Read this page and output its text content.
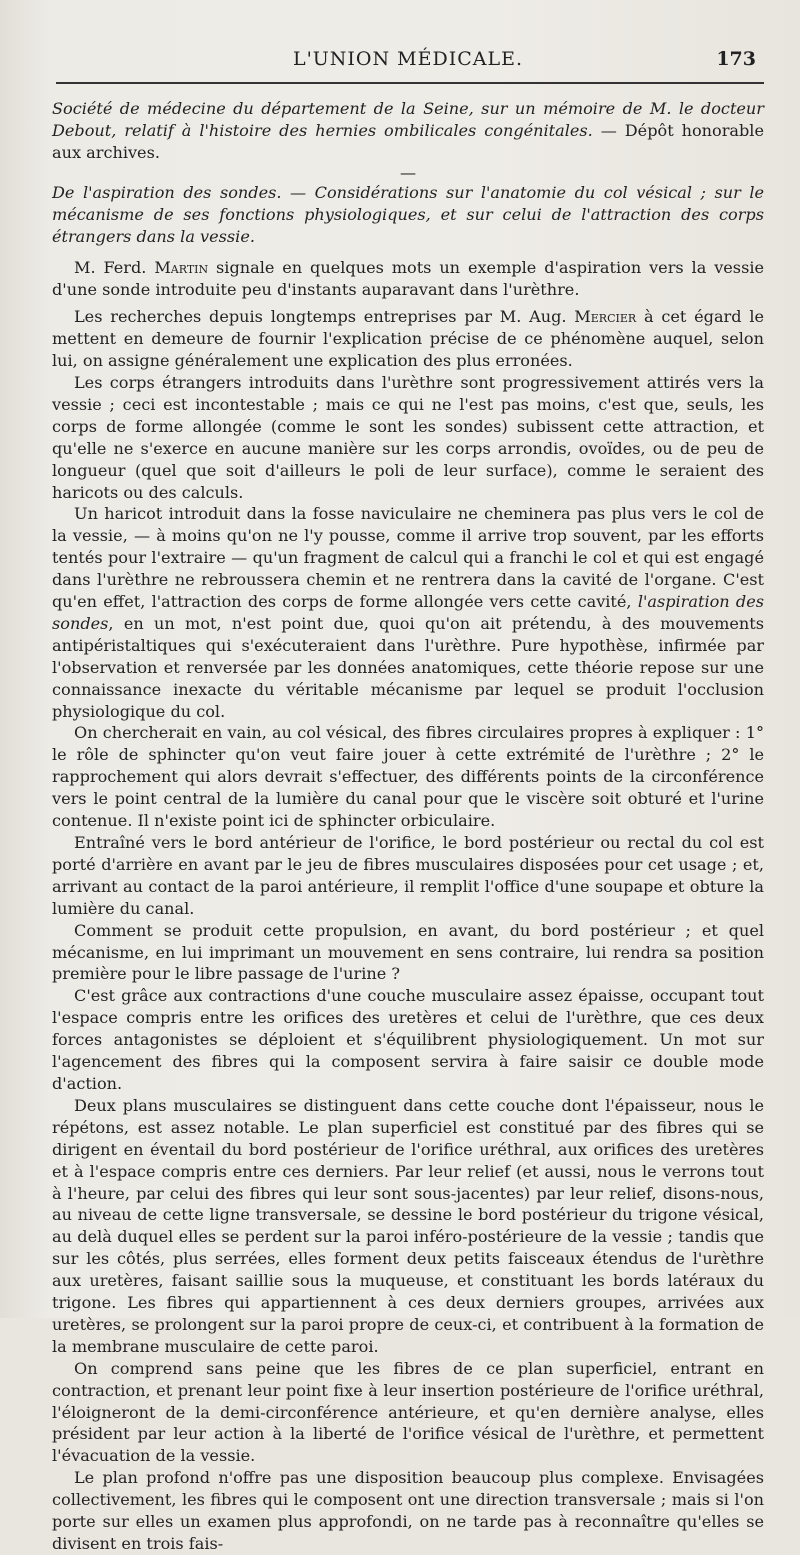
L'UNION MÉDICALE.	173

Société de médecine du département de la Seine, sur un mémoire de M. le docteur Debout, relatif à l'histoire des hernies ombilicales congénitales. — Dépôt honorable aux archives.

—

De l'aspiration des sondes. — Considérations sur l'anatomie du col vésical ; sur le mécanisme de ses fonctions physiologiques, et sur celui de l'attraction des corps étrangers dans la vessie.

M. Ferd. Martin signale en quelques mots un exemple d'aspiration vers la vessie d'une sonde introduite peu d'instants auparavant dans l'urèthre.

Les recherches depuis longtemps entreprises par M. Aug. Mercier à cet égard le mettent en demeure de fournir l'explication précise de ce phénomène auquel, selon lui, on assigne généralement une explication des plus erronées.

Les corps étrangers introduits dans l'urèthre sont progressivement attirés vers la vessie ; ceci est incontestable ; mais ce qui ne l'est pas moins, c'est que, seuls, les corps de forme allongée (comme le sont les sondes) subissent cette attraction, et qu'elle ne s'exerce en aucune manière sur les corps arrondis, ovoïdes, ou de peu de longueur (quel que soit d'ailleurs le poli de leur surface), comme le seraient des haricots ou des calculs.

Un haricot introduit dans la fosse naviculaire ne cheminera pas plus vers le col de la vessie, — à moins qu'on ne l'y pousse, comme il arrive trop souvent, par les efforts tentés pour l'extraire — qu'un fragment de calcul qui a franchi le col et qui est engagé dans l'urèthre ne rebroussera chemin et ne rentrera dans la cavité de l'organe. C'est qu'en effet, l'attraction des corps de forme allongée vers cette cavité, l'aspiration des sondes, en un mot, n'est point due, quoi qu'on ait prétendu, à des mouvements antipéristaltiques qui s'exécuteraient dans l'urèthre. Pure hypothèse, infirmée par l'observation et renversée par les données anatomiques, cette théorie repose sur une connaissance inexacte du véritable mécanisme par lequel se produit l'occlusion physiologique du col.

On chercherait en vain, au col vésical, des fibres circulaires propres à expliquer : 1° le rôle de sphincter qu'on veut faire jouer à cette extrémité de l'urèthre ; 2° le rapprochement qui alors devrait s'effectuer, des différents points de la circonférence vers le point central de la lumière du canal pour que le viscère soit obturé et l'urine contenue. Il n'existe point ici de sphincter orbiculaire.

Entraîné vers le bord antérieur de l'orifice, le bord postérieur ou rectal du col est porté d'arrière en avant par le jeu de fibres musculaires disposées pour cet usage ; et, arrivant au contact de la paroi antérieure, il remplit l'office d'une soupape et obture la lumière du canal.

Comment se produit cette propulsion, en avant, du bord postérieur ; et quel mécanisme, en lui imprimant un mouvement en sens contraire, lui rendra sa position première pour le libre passage de l'urine ?

C'est grâce aux contractions d'une couche musculaire assez épaisse, occupant tout l'espace compris entre les orifices des uretères et celui de l'urèthre, que ces deux forces antagonistes se déploient et s'équilibrent physiologiquement. Un mot sur l'agencement des fibres qui la composent servira à faire saisir ce double mode d'action.

Deux plans musculaires se distinguent dans cette couche dont l'épaisseur, nous le répétons, est assez notable. Le plan superficiel est constitué par des fibres qui se dirigent en éventail du bord postérieur de l'orifice uréthral, aux orifices des uretères et à l'espace compris entre ces derniers. Par leur relief (et aussi, nous le verrons tout à l'heure, par celui des fibres qui leur sont sous-jacentes) par leur relief, disons-nous, au niveau de cette ligne transversale, se dessine le bord postérieur du trigone vésical, au delà duquel elles se perdent sur la paroi inféro-postérieure de la vessie ; tandis que sur les côtés, plus serrées, elles forment deux petits faisceaux étendus de l'urèthre aux uretères, faisant saillie sous la muqueuse, et constituant les bords latéraux du trigone. Les fibres qui appartiennent à ces deux derniers groupes, arrivées aux uretères, se prolongent sur la paroi propre de ceux-ci, et contribuent à la formation de la membrane musculaire de cette paroi.

On comprend sans peine que les fibres de ce plan superficiel, entrant en contraction, et prenant leur point fixe à leur insertion postérieure de l'orifice uréthral, l'éloigneront de la demi-circonférence antérieure, et qu'en dernière analyse, elles président par leur action à la liberté de l'orifice vésical de l'urèthre, et permettent l'évacuation de la vessie.

Le plan profond n'offre pas une disposition beaucoup plus complexe. Envisagées collectivement, les fibres qui le composent ont une direction transversale ; mais si l'on porte sur elles un examen plus approfondi, on ne tarde pas à reconnaître qu'elles se divisent en trois fais-
